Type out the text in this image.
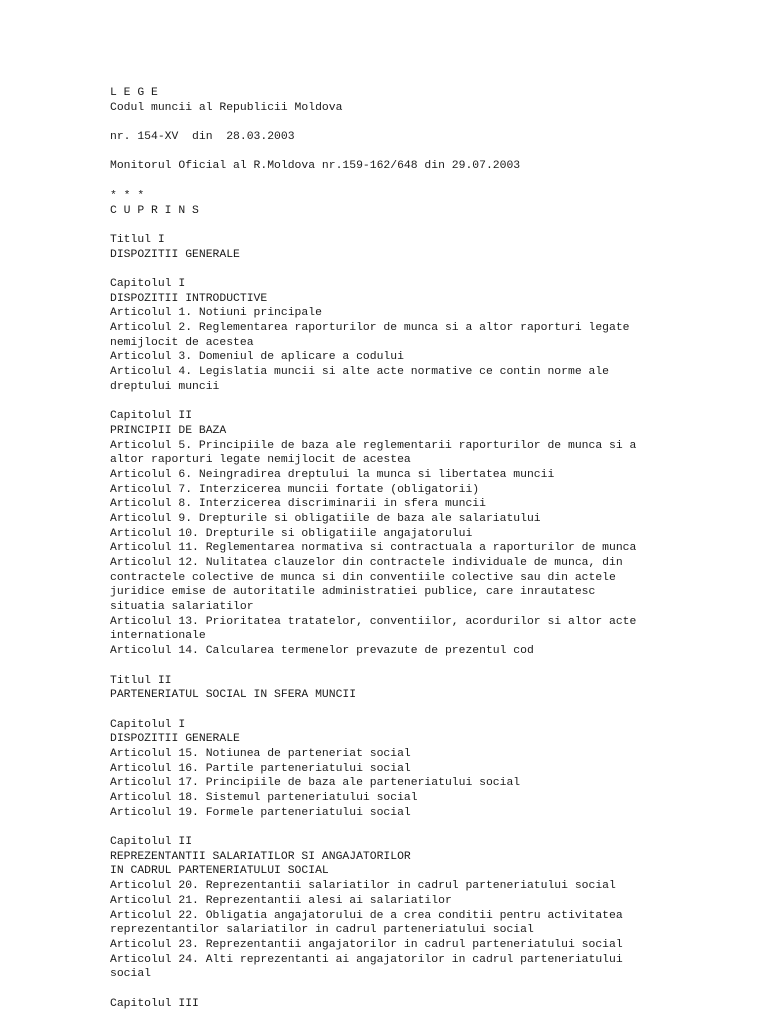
L E G E
Codul muncii al Republicii Moldova
nr. 154-XV  din  28.03.2003
Monitorul Oficial al R.Moldova nr.159-162/648 din 29.07.2003
* * *
C U P R I N S
Titlul I
DISPOZITII GENERALE
Capitolul I
DISPOZITII INTRODUCTIVE
Articolul 1. Notiuni principale
Articolul 2. Reglementarea raporturilor de munca si a altor raporturi legate
nemijlocit de acestea
Articolul 3. Domeniul de aplicare a codului
Articolul 4. Legislatia muncii si alte acte normative ce contin norme ale
dreptului muncii
Capitolul II
PRINCIPII DE BAZA
Articolul 5. Principiile de baza ale reglementarii raporturilor de munca si a
altor raporturi legate nemijlocit de acestea
Articolul 6. Neingradirea dreptului la munca si libertatea muncii
Articolul 7. Interzicerea muncii fortate (obligatorii)
Articolul 8. Interzicerea discriminarii in sfera muncii
Articolul 9. Drepturile si obligatiile de baza ale salariatului
Articolul 10. Drepturile si obligatiile angajatorului
Articolul 11. Reglementarea normativa si contractuala a raporturilor de munca
Articolul 12. Nulitatea clauzelor din contractele individuale de munca, din
contractele colective de munca si din conventiile colective sau din actele
juridice emise de autoritatile administratiei publice, care inrautatesc
situatia salariatilor
Articolul 13. Prioritatea tratatelor, conventiilor, acordurilor si altor acte
internationale
Articolul 14. Calcularea termenelor prevazute de prezentul cod
Titlul II
PARTENERIATUL SOCIAL IN SFERA MUNCII
Capitolul I
DISPOZITII GENERALE
Articolul 15. Notiunea de parteneriat social
Articolul 16. Partile parteneriatului social
Articolul 17. Principiile de baza ale parteneriatului social
Articolul 18. Sistemul parteneriatului social
Articolul 19. Formele parteneriatului social
Capitolul II
REPREZENTANTII SALARIATILOR SI ANGAJATORILOR
IN CADRUL PARTENERIATULUI SOCIAL
Articolul 20. Reprezentantii salariatilor in cadrul parteneriatului social
Articolul 21. Reprezentantii alesi ai salariatilor
Articolul 22. Obligatia angajatorului de a crea conditii pentru activitatea
reprezentantilor salariatilor in cadrul parteneriatului social
Articolul 23. Reprezentantii angajatorilor in cadrul parteneriatului social
Articolul 24. Alti reprezentanti ai angajatorilor in cadrul parteneriatului
social
Capitolul III
